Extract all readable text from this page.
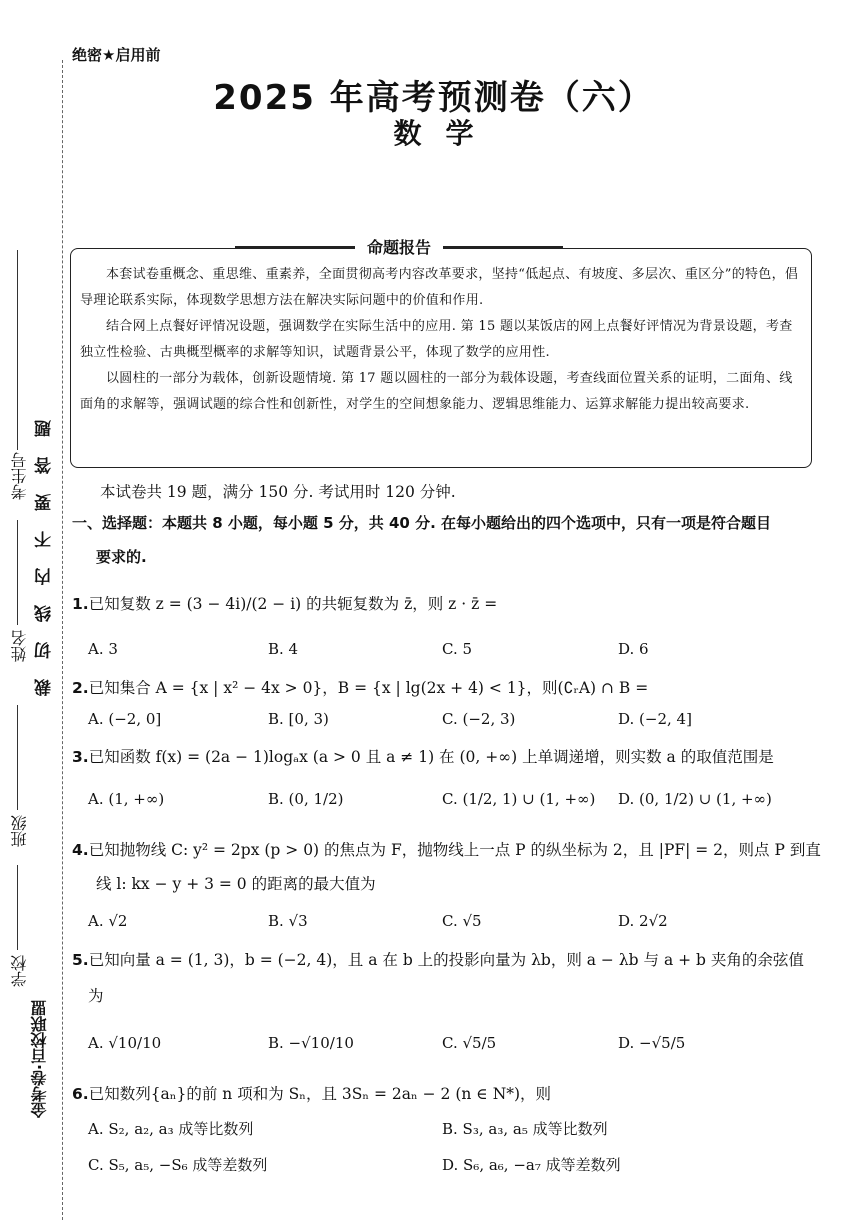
考生号
姓名
班级
学校
裁切线内不要答题
金考卷·百校联盟
绝密★启用前
2025 年高考预测卷（六）
数学
命题报告

本套试卷重概念、重思维、重素养，全面贯彻高考内容改革要求，坚持“低起点、有坡度、多层次、重区分”的特色，倡导理论联系实际，体现数学思想方法在解决实际问题中的价值和作用.

结合网上点餐好评情况设题，强调数学在实际生活中的应用. 第 15 题以某饭店的网上点餐好评情况为背景设题，考查独立性检验、古典概型概率的求解等知识，试题背景公平，体现了数学的应用性.

以圆柱的一部分为载体，创新设题情境. 第 17 题以圆柱的一部分为载体设题，考查线面位置关系的证明，二面角、线面角的求解等，强调试题的综合性和创新性，对学生的空间想象能力、逻辑思维能力、运算求解能力提出较高要求.

本试卷共 19 题，满分 150 分. 考试用时 120 分钟.
一、选择题：本题共 8 小题，每小题 5 分，共 40 分. 在每小题给出的四个选项中，只有一项是符合题目
要求的.
1.已知复数 z = (3 − 4i)/(2 − i) 的共轭复数为 z̄，则 z · z̄ =
A. 3	B. 4	C. 5	D. 6
2.已知集合 A = {x | x² − 4x > 0}，B = {x | lg(2x + 4) < 1}，则(∁ᵣA) ∩ B =
A. (−2, 0]	B. [0, 3)	C. (−2, 3)	D. (−2, 4]
3.已知函数 f(x) = (2a − 1)logₐx (a > 0 且 a ≠ 1) 在 (0, +∞) 上单调递增，则实数 a 的取值范围是
A. (1, +∞)	B. (0, 1/2)	C. (1/2, 1) ∪ (1, +∞) D. (0, 1/2) ∪ (1, +∞)
4.已知抛物线 C: y² = 2px (p > 0) 的焦点为 F，抛物线上一点 P 的纵坐标为 2，且 |PF| = 2，则点 P 到直
线 l: kx − y + 3 = 0 的距离的最大值为
A. √2	B. √3	C. √5	D. 2√2
5.已知向量 a = (1, 3)，b = (−2, 4)，且 a 在 b 上的投影向量为 λb，则 a − λb 与 a + b 夹角的余弦值
为
A. √10/10	B. −√10/10	C. √5/5	D. −√5/5
6.已知数列{aₙ}的前 n 项和为 Sₙ，且 3Sₙ = 2aₙ − 2 (n ∈ N*)，则
A. S₂, a₂, a₃ 成等比数列	B. S₃, a₃, a₅ 成等比数列
C. S₅, a₅, −S₆ 成等差数列	D. S₆, a₆, −a₇ 成等差数列
